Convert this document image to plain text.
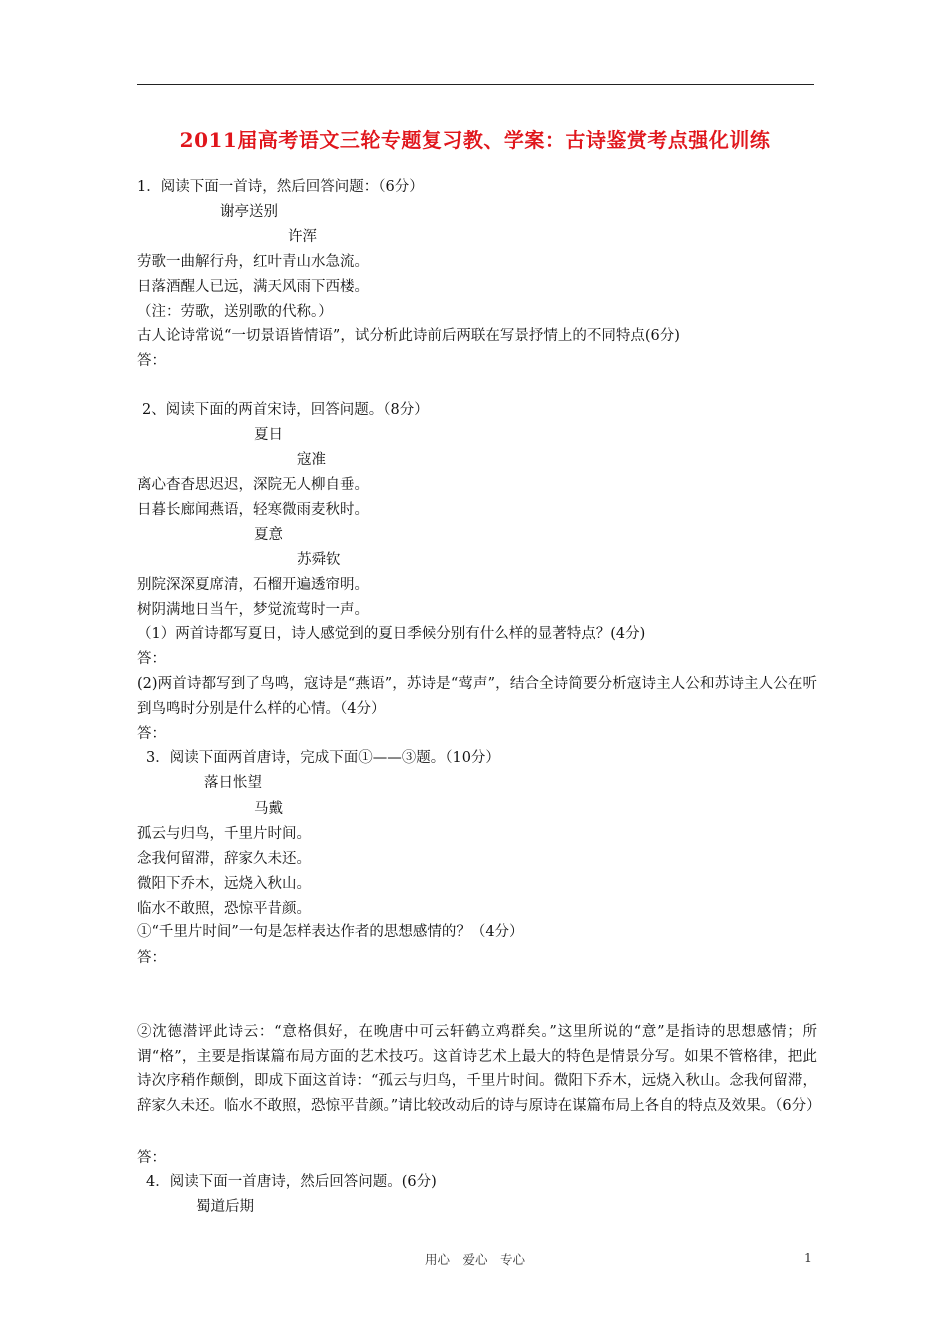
2011届高考语文三轮专题复习教、学案：古诗鉴赏考点强化训练
1．阅读下面一首诗，然后回答问题：（6分）
谢亭送别
许浑
劳歌一曲解行舟，红叶青山水急流。
日落酒醒人已远，满天风雨下西楼。
（注：劳歌，送别歌的代称。）
古人论诗常说“一切景语皆情语”，试分析此诗前后两联在写景抒情上的不同特点(6分)
答：
2、阅读下面的两首宋诗，回答问题。（8分）
夏日
寇准
离心杳杳思迟迟，深院无人柳自垂。
日暮长廊闻燕语，轻寒微雨麦秋时。
夏意
苏舜钦
别院深深夏席清，石榴开遍透帘明。
树阴满地日当午，梦觉流莺时一声。
（1）两首诗都写夏日，诗人感觉到的夏日季候分别有什么样的显著特点？(4分)
答：
(2)两首诗都写到了鸟鸣，寇诗是“燕语”，苏诗是“莺声”，结合全诗简要分析寇诗主人公和苏诗主人公在听到鸟鸣时分别是什么样的心情。（4分）
答：
3．阅读下面两首唐诗，完成下面①——③题。（10分）
落日怅望
马戴
孤云与归鸟，千里片时间。
念我何留滞，辞家久未还。
微阳下乔木，远烧入秋山。
临水不敢照，恐惊平昔颜。
①“千里片时间”一句是怎样表达作者的思想感情的？（4分）
答：
②沈德潜评此诗云：“意格俱好，在晚唐中可云轩鹤立鸡群矣。”这里所说的“意”是指诗的思想感情；所谓“格”，主要是指谋篇布局方面的艺术技巧。这首诗艺术上最大的特色是情景分写。如果不管格律，把此诗次序稍作颠倒，即成下面这首诗：“孤云与归鸟，千里片时间。微阳下乔木，远烧入秋山。念我何留滞，辞家久未还。临水不敢照，恐惊平昔颜。”请比较改动后的诗与原诗在谋篇布局上各自的特点及效果。（6分）
答：
4．阅读下面一首唐诗，然后回答问题。(6分)
蜀道后期
用心　爱心　专心	1
